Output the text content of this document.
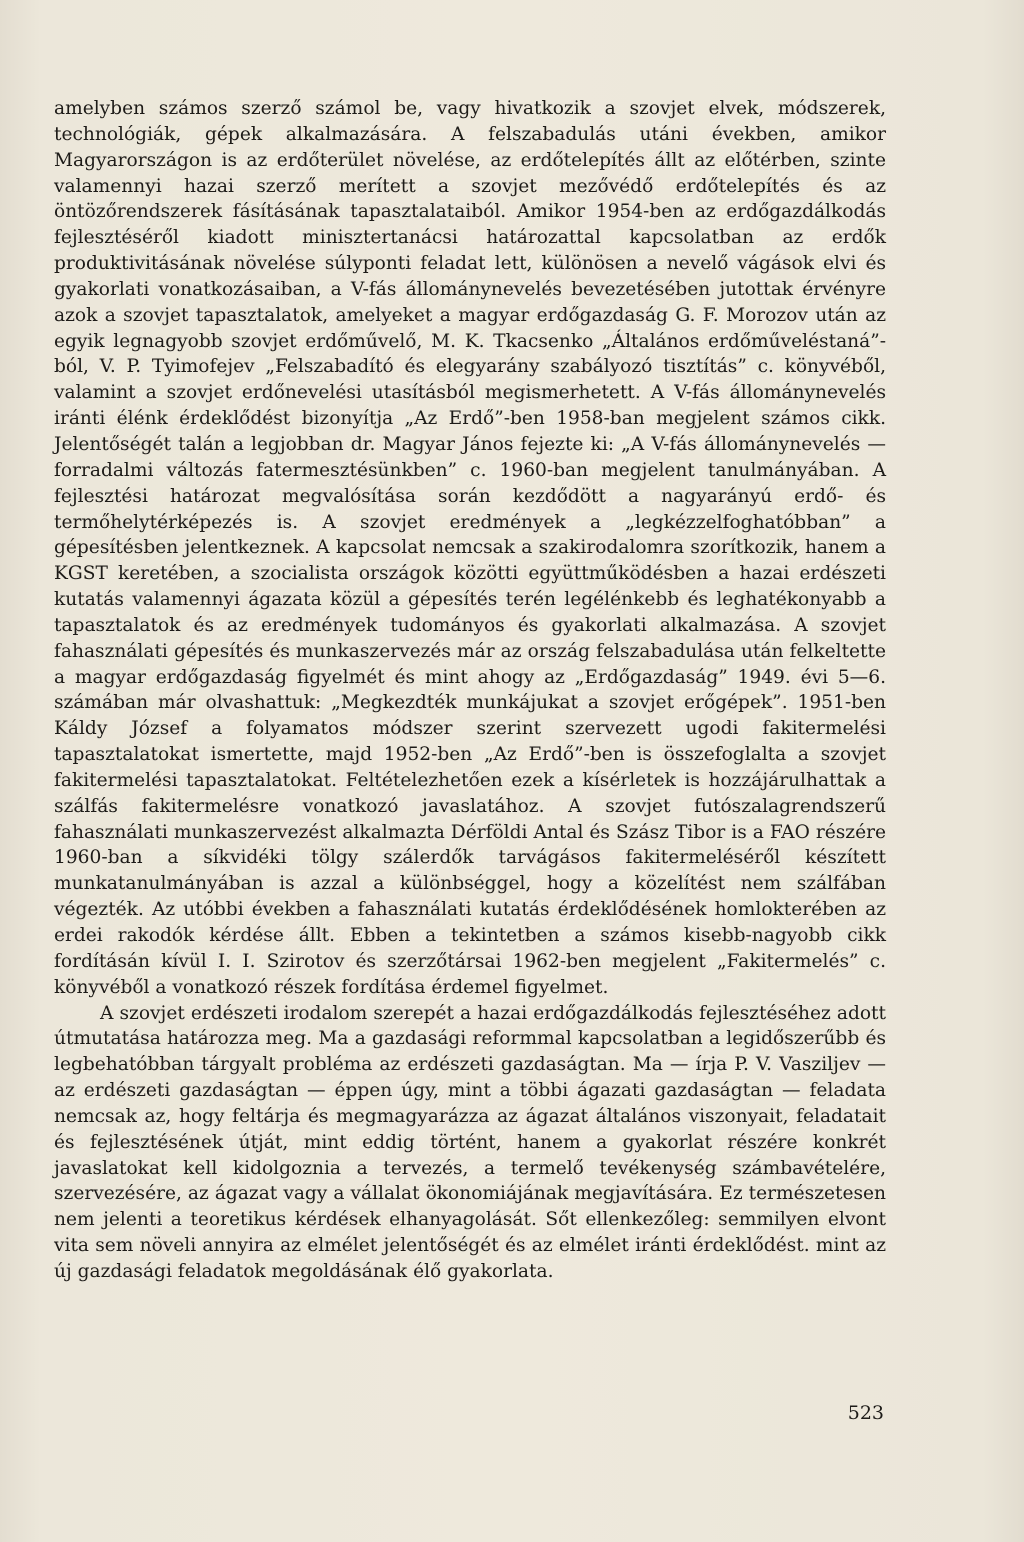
amelyben számos szerző számol be, vagy hivatkozik a szovjet elvek, módszerek, technológiák, gépek alkalmazására. A felszabadulás utáni években, amikor Magyarországon is az erdőterület növelése, az erdőtelepítés állt az előtérben, szinte valamennyi hazai szerző merített a szovjet mezővédő erdőtelepítés és az öntözőrendszerek fásításának tapasztalataiból. Amikor 1954-ben az erdőgazdálkodás fejlesztéséről kiadott minisztertanácsi határozattal kapcsolatban az erdők produktivitásának növelése súlyponti feladat lett, különösen a nevelő vágások elvi és gyakorlati vonatkozásaiban, a V-fás állománynevelés bevezetésében jutottak érvényre azok a szovjet tapasztalatok, amelyeket a magyar erdőgazdaság G. F. Morozov után az egyik legnagyobb szovjet erdőművelő, M. K. Tkacsenko „Általános erdőműveléstaná”-ból, V. P. Tyimofejev „Felszabadító és elegyarány szabályozó tisztítás” c. könyvéből, valamint a szovjet erdőnevelési utasításból megismerhetett. A V-fás állománynevelés iránti élénk érdeklődést bizonyítja „Az Erdő”-ben 1958-ban megjelent számos cikk. Jelentőségét talán a legjobban dr. Magyar János fejezte ki: „A V-fás állománynevelés — forradalmi változás fatermesztésünkben” c. 1960-ban megjelent tanulmányában. A fejlesztési határozat megvalósítása során kezdődött a nagyarányú erdő- és termőhelytérképezés is. A szovjet eredmények a „legkézzelfoghatóbban” a gépesítésben jelentkeznek. A kapcsolat nemcsak a szakirodalomra szorítkozik, hanem a KGST keretében, a szocialista országok közötti együttműködésben a hazai erdészeti kutatás valamennyi ágazata közül a gépesítés terén legélénkebb és leghatékonyabb a tapasztalatok és az eredmények tudományos és gyakorlati alkalmazása. A szovjet fahasználati gépesítés és munkaszervezés már az ország felszabadulása után felkeltette a magyar erdőgazdaság figyelmét és mint ahogy az „Erdőgazdaság” 1949. évi 5—6. számában már olvashattuk: „Megkezdték munkájukat a szovjet erőgépek”. 1951-ben Káldy József a folyamatos módszer szerint szervezett ugodi fakitermelési tapasztalatokat ismertette, majd 1952-ben „Az Erdő”-ben is összefoglalta a szovjet fakitermelési tapasztalatokat. Feltételezhetően ezek a kísérletek is hozzájárulhattak a szálfás fakitermelésre vonatkozó javaslatához. A szovjet futószalagrendszerű fahasználati munkaszervezést alkalmazta Dérföldi Antal és Szász Tibor is a FAO részére 1960-ban a síkvidéki tölgy szálerdők tarvágásos fakitermeléséről készített munkatanulmányában is azzal a különbséggel, hogy a közelítést nem szálfában végezték. Az utóbbi években a fahasználati kutatás érdeklődésének homlokterében az erdei rakodók kérdése állt. Ebben a tekintetben a számos kisebb-nagyobb cikk fordításán kívül I. I. Szirotov és szerzőtársai 1962-ben megjelent „Fakitermelés” c. könyvéből a vonatkozó részek fordítása érdemel figyelmet.

A szovjet erdészeti irodalom szerepét a hazai erdőgazdálkodás fejlesztéséhez adott útmutatása határozza meg. Ma a gazdasági reformmal kapcsolatban a legidőszerűbb és legbehatóbban tárgyalt probléma az erdészeti gazdaságtan. Ma — írja P. V. Vasziljev — az erdészeti gazdaságtan — éppen úgy, mint a többi ágazati gazdaságtan — feladata nemcsak az, hogy feltárja és megmagyarázza az ágazat általános viszonyait, feladatait és fejlesztésének útját, mint eddig történt, hanem a gyakorlat részére konkrét javaslatokat kell kidolgoznia a tervezés, a termelő tevékenység számbavételére, szervezésére, az ágazat vagy a vállalat ökonomiájának megjavítására. Ez természetesen nem jelenti a teoretikus kérdések elhanyagolását. Sőt ellenkezőleg: semmilyen elvont vita sem növeli annyira az elmélet jelentőségét és az elmélet iránti érdeklődést. mint az új gazdasági feladatok megoldásának élő gyakorlata.

523
